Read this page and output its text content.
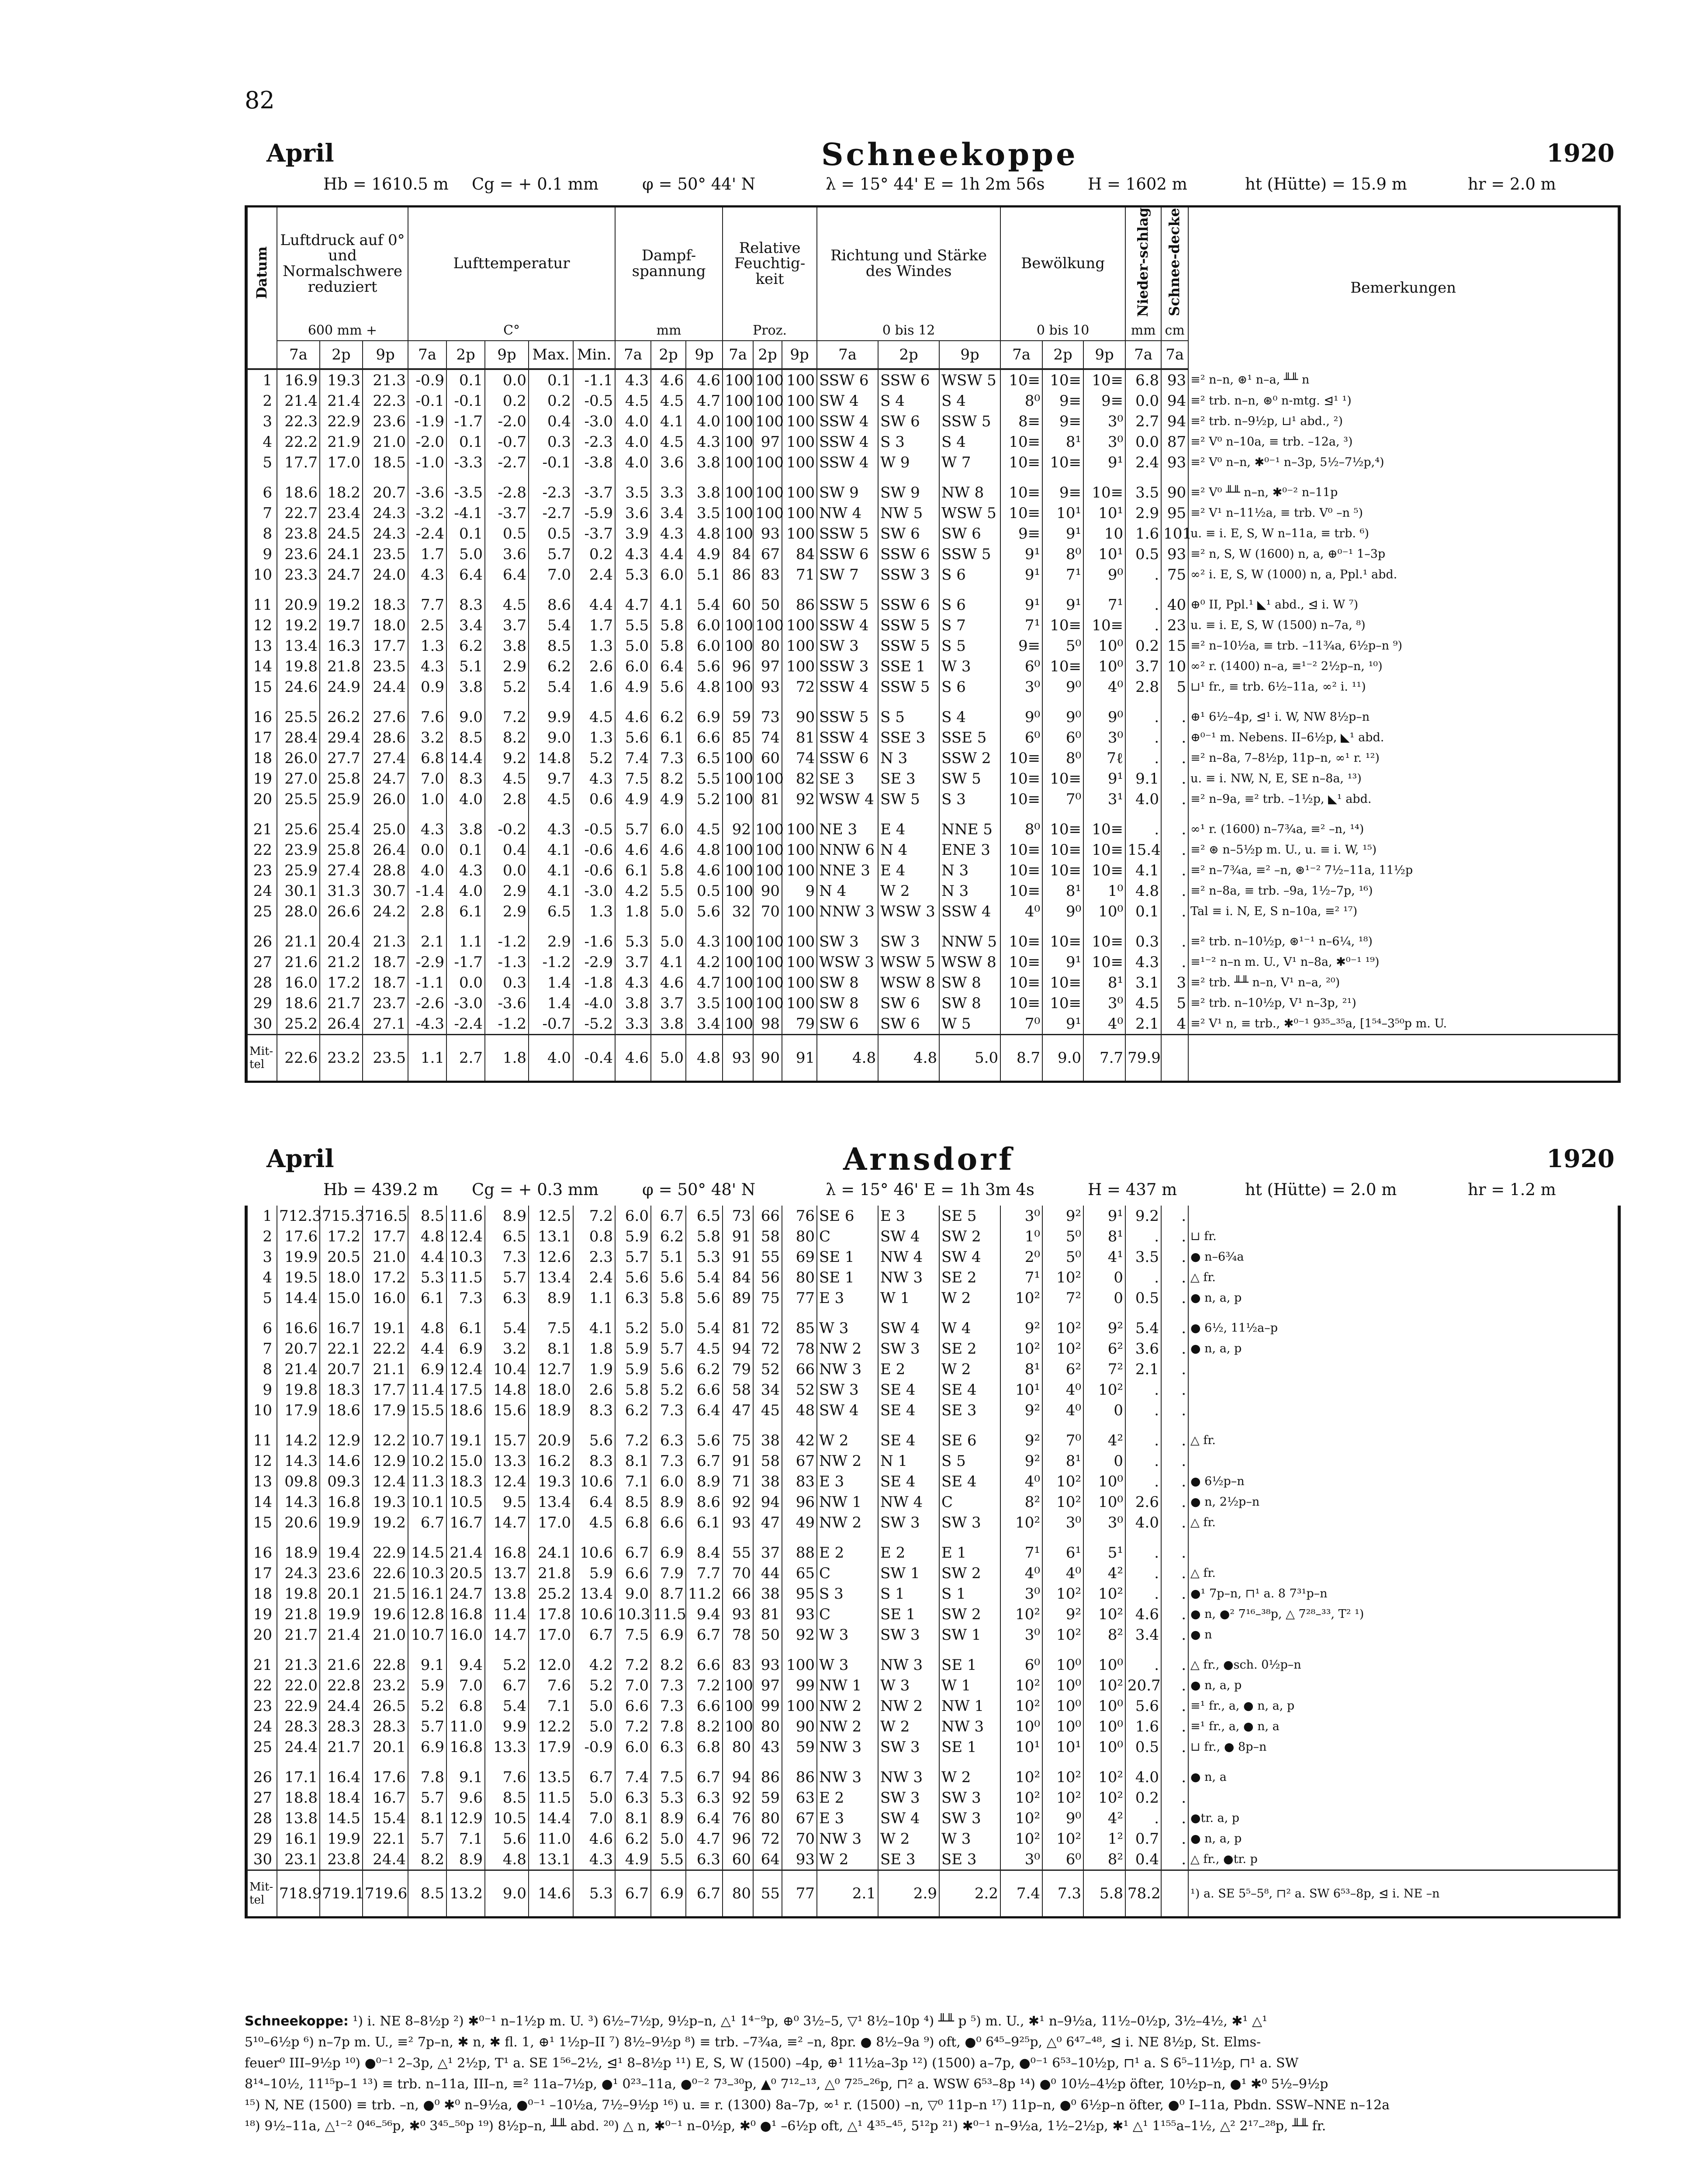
82
April	Schneekoppe	1920
Hb = 1610.5 m Cg = + 0.1 mm	φ = 50° 44' N	λ = 15° 44' E = 1h 2m 56s	H = 1602 m	ht (Hütte) = 15.9 m	hr = 2.0 m
Datum	Luftdruck auf 0° und Normalschwere reduziert			Lufttemperatur					Dampf-spannung			Relative Feuchtig-keit			Richtung und Stärke des Windes			Bewölkung			Nieder-schlag	Schnee-decke	Bemerkungen
	600 mm +			C°					mm			Proz.			0 bis 12			0 bis 10			mm	cm	
	7a	2p	9p	7a	2p	9p	Max.	Min.	7a	2p	9p	7a	2p	9p	7a	2p	9p	7a	2p	9p	7a	7a	
1	16.9	19.3	21.3	-0.9	0.1	0.0	0.1	-1.1	4.3	4.6	4.6	100	100	100	SSW 6	SSW 6	WSW 5	10≡	10≡	10≡	6.8	93	≡² n–n, ⊛¹ n–a, ╨╨ n
2	21.4	21.4	22.3	-0.1	-0.1	0.2	0.2	-0.5	4.5	4.5	4.7	100	100	100	SW 4	S 4	S 4	8⁰	9≡	9≡	0.0	94	≡² trb. n–n, ⊛⁰ n-mtg. ⊴¹ ¹)
3	22.3	22.9	23.6	-1.9	-1.7	-2.0	0.4	-3.0	4.0	4.1	4.0	100	100	100	SSW 4	SW 6	SSW 5	8≡	9≡	3⁰	2.7	94	≡² trb. n–9½p, ⊔¹ abd., ²)
4	22.2	21.9	21.0	-2.0	0.1	-0.7	0.3	-2.3	4.0	4.5	4.3	100	97	100	SSW 4	S 3	S 4	10≡	8¹	3⁰	0.0	87	≡² V⁰ n–10a, ≡ trb. –12a, ³)
5	17.7	17.0	18.5	-1.0	-3.3	-2.7	-0.1	-3.8	4.0	3.6	3.8	100	100	100	SSW 4	W 9	W 7	10≡	10≡	9¹	2.4	93	≡² V⁰ n–n, ✱⁰⁻¹ n–3p, 5½–7½p,⁴)

6	18.6	18.2	20.7	-3.6	-3.5	-2.8	-2.3	-3.7	3.5	3.3	3.8	100	100	100	SW 9	SW 9	NW 8	10≡	9≡	10≡	3.5	90	≡² V⁰ ╨╨ n–n, ✱⁰⁻² n–11p
7	22.7	23.4	24.3	-3.2	-4.1	-3.7	-2.7	-5.9	3.6	3.4	3.5	100	100	100	NW 4	NW 5	WSW 5	10≡	10¹	10¹	2.9	95	≡² V¹ n–11½a, ≡ trb. V⁰ –n ⁵)
8	23.8	24.5	24.3	-2.4	0.1	0.5	0.5	-3.7	3.9	4.3	4.8	100	93	100	SSW 5	SW 6	SW 6	9≡	9¹	10	1.6	101	u. ≡ i. E, S, W n–11a, ≡ trb. ⁶)
9	23.6	24.1	23.5	1.7	5.0	3.6	5.7	0.2	4.3	4.4	4.9	84	67	84	SSW 6	SSW 6	SSW 5	9¹	8⁰	10¹	0.5	93	≡² n, S, W (1600) n, a, ⊕⁰⁻¹ 1–3p
10	23.3	24.7	24.0	4.3	6.4	6.4	7.0	2.4	5.3	6.0	5.1	86	83	71	SW 7	SSW 3	S 6	9¹	7¹	9⁰	.	75	∞² i. E, S, W (1000) n, a, Ppl.¹ abd.

11	20.9	19.2	18.3	7.7	8.3	4.5	8.6	4.4	4.7	4.1	5.4	60	50	86	SSW 5	SSW 6	S 6	9¹	9¹	7¹	.	40	⊕⁰ II, Ppl.¹ ◣¹ abd., ⊴ i. W ⁷)
12	19.2	19.7	18.0	2.5	3.4	3.7	5.4	1.7	5.5	5.8	6.0	100	100	100	SSW 4	SSW 5	S 7	7¹	10≡	10≡	.	23	u. ≡ i. E, S, W (1500) n–7a, ⁸)
13	13.4	16.3	17.7	1.3	6.2	3.8	8.5	1.3	5.0	5.8	6.0	100	80	100	SW 3	SSW 5	S 5	9≡	5⁰	10⁰	0.2	15	≡² n–10½a, ≡ trb. –11¾a, 6½p–n ⁹)
14	19.8	21.8	23.5	4.3	5.1	2.9	6.2	2.6	6.0	6.4	5.6	96	97	100	SSW 3	SSE 1	W 3	6⁰	10≡	10⁰	3.7	10	∞² r. (1400) n–a, ≡¹⁻² 2½p–n, ¹⁰)
15	24.6	24.9	24.4	0.9	3.8	5.2	5.4	1.6	4.9	5.6	4.8	100	93	72	SSW 4	SSW 5	S 6	3⁰	9⁰	4⁰	2.8	5	⊔¹ fr., ≡ trb. 6½–11a, ∞² i. ¹¹)

16	25.5	26.2	27.6	7.6	9.0	7.2	9.9	4.5	4.6	6.2	6.9	59	73	90	SSW 5	S 5	S 4	9⁰	9⁰	9⁰	.	.	⊕¹ 6½–4p, ⊴¹ i. W, NW 8½p–n
17	28.4	29.4	28.6	3.2	8.5	8.2	9.0	1.3	5.6	6.1	6.6	85	74	81	SSW 4	SSE 3	SSE 5	6⁰	6⁰	3⁰	.	.	⊕⁰⁻¹ m. Nebens. II–6½p, ◣¹ abd.
18	26.0	27.7	27.4	6.8	14.4	9.2	14.8	5.2	7.4	7.3	6.5	100	60	74	SSW 6	N 3	SSW 2	10≡	8⁰	7ℓ	.	.	≡² n–8a, 7–8½p, 11p–n, ∞¹ r. ¹²)
19	27.0	25.8	24.7	7.0	8.3	4.5	9.7	4.3	7.5	8.2	5.5	100	100	82	SE 3	SE 3	SW 5	10≡	10≡	9¹	9.1	.	u. ≡ i. NW, N, E, SE n–8a, ¹³)
20	25.5	25.9	26.0	1.0	4.0	2.8	4.5	0.6	4.9	4.9	5.2	100	81	92	WSW 4	SW 5	S 3	10≡	7⁰	3¹	4.0	.	≡² n–9a, ≡² trb. –1½p, ◣¹ abd.

21	25.6	25.4	25.0	4.3	3.8	-0.2	4.3	-0.5	5.7	6.0	4.5	92	100	100	NE 3	E 4	NNE 5	8⁰	10≡	10≡	.	.	∞¹ r. (1600) n–7¾a, ≡² –n, ¹⁴)
22	23.9	25.8	26.4	0.0	0.1	0.4	4.1	-0.6	4.6	4.6	4.8	100	100	100	NNW 6	N 4	ENE 3	10≡	10≡	10≡	15.4	.	≡² ⊛ n–5½p m. U., u. ≡ i. W, ¹⁵)
23	25.9	27.4	28.8	4.0	4.3	0.0	4.1	-0.6	6.1	5.8	4.6	100	100	100	NNE 3	E 4	N 3	10≡	10≡	10≡	4.1	.	≡² n–7¾a, ≡² –n, ⊛¹⁻² 7½–11a, 11½p
24	30.1	31.3	30.7	-1.4	4.0	2.9	4.1	-3.0	4.2	5.5	0.5	100	90	9	N 4	W 2	N 3	10≡	8¹	1⁰	4.8	.	≡² n–8a, ≡ trb. –9a, 1½–7p, ¹⁶)
25	28.0	26.6	24.2	2.8	6.1	2.9	6.5	1.3	1.8	5.0	5.6	32	70	100	NNW 3	WSW 3	SSW 4	4⁰	9⁰	10⁰	0.1	.	Tal ≡ i. N, E, S n–10a, ≡² ¹⁷)

26	21.1	20.4	21.3	2.1	1.1	-1.2	2.9	-1.6	5.3	5.0	4.3	100	100	100	SW 3	SW 3	NNW 5	10≡	10≡	10≡	0.3	.	≡² trb. n–10½p, ⊛¹⁻¹ n–6¼, ¹⁸)
27	21.6	21.2	18.7	-2.9	-1.7	-1.3	-1.2	-2.9	3.7	4.1	4.2	100	100	100	WSW 3	WSW 5	WSW 8	10≡	9¹	10≡	4.3	.	≡¹⁻² n–n m. U., V¹ n–8a, ✱⁰⁻¹ ¹⁹)
28	16.0	17.2	18.7	-1.1	0.0	0.3	1.4	-1.8	4.3	4.6	4.7	100	100	100	SW 8	WSW 8	SW 8	10≡	10≡	8¹	3.1	3	≡² trb. ╨╨ n–n, V¹ n–a, ²⁰)
29	18.6	21.7	23.7	-2.6	-3.0	-3.6	1.4	-4.0	3.8	3.7	3.5	100	100	100	SW 8	SW 6	SW 8	10≡	10≡	3⁰	4.5	5	≡² trb. n–10½p, V¹ n–3p, ²¹)
30	25.2	26.4	27.1	-4.3	-2.4	-1.2	-0.7	-5.2	3.3	3.8	3.4	100	98	79	SW 6	SW 6	W 5	7⁰	9¹	4⁰	2.1	4	≡² V¹ n, ≡ trb., ✱⁰⁻¹ 9³⁵–³⁵a, [1⁵⁴–3⁵⁰p m. U.
Mit-tel	22.6	23.2	23.5	1.1	2.7	1.8	4.0	-0.4	4.6	5.0	4.8	93	90	91	4.8	4.8	5.0	8.7	9.0	7.7	79.9		
April	Arnsdorf	1920
Hb = 439.2 m Cg = + 0.3 mm	φ = 50° 48' N	λ = 15° 46' E = 1h 3m 4s	H = 437 m	ht (Hütte) = 2.0 m	hr = 1.2 m
1	712.3	715.3	716.5	8.5	11.6	8.9	12.5	7.2	6.0	6.7	6.5	73	66	76	SE 6	E 3	SE 5	3⁰	9²	9¹	9.2	.	
2	17.6	17.2	17.7	4.8	12.4	6.5	13.1	0.8	5.9	6.2	5.8	91	58	80	C	SW 4	SW 2	1⁰	5⁰	8¹	.	.	⊔ fr.
3	19.9	20.5	21.0	4.4	10.3	7.3	12.6	2.3	5.7	5.1	5.3	91	55	69	SE 1	NW 4	SW 4	2⁰	5⁰	4¹	3.5	.	● n–6¾a
4	19.5	18.0	17.2	5.3	11.5	5.7	13.4	2.4	5.6	5.6	5.4	84	56	80	SE 1	NW 3	SE 2	7¹	10²	0	.	.	△ fr.
5	14.4	15.0	16.0	6.1	7.3	6.3	8.9	1.1	6.3	5.8	5.6	89	75	77	E 3	W 1	W 2	10²	7²	0	0.5	.	● n, a, p

6	16.6	16.7	19.1	4.8	6.1	5.4	7.5	4.1	5.2	5.0	5.4	81	72	85	W 3	SW 4	W 4	9²	10²	9²	5.4	.	● 6½, 11½a–p
7	20.7	22.1	22.2	4.4	6.9	3.2	8.1	1.8	5.9	5.7	4.5	94	72	78	NW 2	SW 3	SE 2	10²	10²	6²	3.6	.	● n, a, p
8	21.4	20.7	21.1	6.9	12.4	10.4	12.7	1.9	5.9	5.6	6.2	79	52	66	NW 3	E 2	W 2	8¹	6²	7²	2.1	.	
9	19.8	18.3	17.7	11.4	17.5	14.8	18.0	2.6	5.8	5.2	6.6	58	34	52	SW 3	SE 4	SE 4	10¹	4⁰	10²	.	.	
10	17.9	18.6	17.9	15.5	18.6	15.6	18.9	8.3	6.2	7.3	6.4	47	45	48	SW 4	SE 4	SE 3	9²	4⁰	0	.	.	

11	14.2	12.9	12.2	10.7	19.1	15.7	20.9	5.6	7.2	6.3	5.6	75	38	42	W 2	SE 4	SE 6	9²	7⁰	4²	.	.	△ fr.
12	14.3	14.6	12.9	10.2	15.0	13.3	16.2	8.3	8.1	7.3	6.7	91	58	67	NW 2	N 1	S 5	9²	8¹	0	.	.	
13	09.8	09.3	12.4	11.3	18.3	12.4	19.3	10.6	7.1	6.0	8.9	71	38	83	E 3	SE 4	SE 4	4⁰	10²	10⁰	.	.	● 6½p–n
14	14.3	16.8	19.3	10.1	10.5	9.5	13.4	6.4	8.5	8.9	8.6	92	94	96	NW 1	NW 4	C	8²	10²	10⁰	2.6	.	● n, 2½p–n
15	20.6	19.9	19.2	6.7	16.7	14.7	17.0	4.5	6.8	6.6	6.1	93	47	49	NW 2	SW 3	SW 3	10²	3⁰	3⁰	4.0	.	△ fr.

16	18.9	19.4	22.9	14.5	21.4	16.8	24.1	10.6	6.7	6.9	8.4	55	37	88	E 2	E 2	E 1	7¹	6¹	5¹	.	.	
17	24.3	23.6	22.6	10.3	20.5	13.7	21.8	5.9	6.6	7.9	7.7	70	44	65	C	SW 1	SW 2	4⁰	4⁰	4²	.	.	△ fr.
18	19.8	20.1	21.5	16.1	24.7	13.8	25.2	13.4	9.0	8.7	11.2	66	38	95	S 3	S 1	S 1	3⁰	10²	10²	.	.	●¹ 7p–n, ⊓¹ a. 8 7³¹p–n
19	21.8	19.9	19.6	12.8	16.8	11.4	17.8	10.6	10.3	11.5	9.4	93	81	93	C	SE 1	SW 2	10²	9²	10²	4.6	.	● n, ●² 7¹⁶–³⁸p, △ 7²⁸–³³, T² ¹)
20	21.7	21.4	21.0	10.7	16.0	14.7	17.0	6.7	7.5	6.9	6.7	78	50	92	W 3	SW 3	SW 1	3⁰	10²	8²	3.4	.	● n

21	21.3	21.6	22.8	9.1	9.4	5.2	12.0	4.2	7.2	8.2	6.6	83	93	100	W 3	NW 3	SE 1	6⁰	10⁰	10⁰	.	.	△ fr., ●sch. 0½p–n
22	22.0	22.8	23.2	5.9	7.0	6.7	7.6	5.2	7.0	7.3	7.2	100	97	99	NW 1	W 3	W 1	10²	10⁰	10²	20.7	.	● n, a, p
23	22.9	24.4	26.5	5.2	6.8	5.4	7.1	5.0	6.6	7.3	6.6	100	99	100	NW 2	NW 2	NW 1	10²	10⁰	10⁰	5.6	.	≡¹ fr., a, ● n, a, p
24	28.3	28.3	28.3	5.7	11.0	9.9	12.2	5.0	7.2	7.8	8.2	100	80	90	NW 2	W 2	NW 3	10⁰	10⁰	10⁰	1.6	.	≡¹ fr., a, ● n, a
25	24.4	21.7	20.1	6.9	16.8	13.3	17.9	-0.9	6.0	6.3	6.8	80	43	59	NW 3	SW 3	SE 1	10¹	10¹	10⁰	0.5	.	⊔ fr., ● 8p–n

26	17.1	16.4	17.6	7.8	9.1	7.6	13.5	6.7	7.4	7.5	6.7	94	86	86	NW 3	NW 3	W 2	10²	10²	10²	4.0	.	● n, a
27	18.8	18.4	16.7	5.7	9.6	8.5	11.5	5.0	6.3	5.3	6.3	92	59	63	E 2	SW 3	SW 3	10²	10²	10²	0.2	.	
28	13.8	14.5	15.4	8.1	12.9	10.5	14.4	7.0	8.1	8.9	6.4	76	80	67	E 3	SW 4	SW 3	10²	9⁰	4²	.	.	●tr. a, p
29	16.1	19.9	22.1	5.7	7.1	5.6	11.0	4.6	6.2	5.0	4.7	96	72	70	NW 3	W 2	W 3	10²	10²	1²	0.7	.	● n, a, p
30	23.1	23.8	24.4	8.2	8.9	4.8	13.1	4.3	4.9	5.5	6.3	60	64	93	W 2	SE 3	SE 3	3⁰	6⁰	8²	0.4	.	△ fr., ●tr. p
Mit-tel	718.9	719.1	719.6	8.5	13.2	9.0	14.6	5.3	6.7	6.9	6.7	80	55	77	2.1	2.9	2.2	7.4	7.3	5.8	78.2		¹) a. SE 5⁵–5⁸, ⊓² a. SW 6⁵³–8p, ⊴ i. NE –n
Schneekoppe: ¹) i. NE 8–8½p ²) ✱⁰⁻¹ n–1½p m. U. ³) 6½–7½p, 9½p–n, △¹ 1⁴⁻⁹p, ⊕⁰ 3½–5, ▽¹ 8½–10p ⁴) ╨╨ p ⁵) m. U., ✱¹ n–9½a, 11½–0½p, 3½–4½, ✱¹ △¹
5¹⁰–6½p ⁶) n–7p m. U., ≡² 7p–n, ✱ n, ✱ fl. 1, ⊕¹ 1½p–II ⁷) 8½–9½p ⁸) ≡ trb. –7¾a, ≡² –n, 8pr. ● 8½–9a ⁹) oft, ●⁰ 6⁴⁵–9²⁵p, △⁰ 6⁴⁷–⁴⁸, ⊴ i. NE 8½p, St. Elms-
feuer⁰ III–9½p ¹⁰) ●⁰⁻¹ 2–3p, △¹ 2½p, T¹ a. SE 1⁵⁶–2½, ⊴¹ 8–8½p ¹¹) E, S, W (1500) –4p, ⊕¹ 11½a–3p ¹²) (1500) a–7p, ●⁰⁻¹ 6⁵³–10½p, ⊓¹ a. S 6⁵–11½p, ⊓¹ a. SW
8¹⁴–10½, 11¹⁵p–1 ¹³) ≡ trb. n–11a, III–n, ≡² 11a–7½p, ●¹ 0²³–11a, ●⁰⁻² 7³–³⁰p, ▲⁰ 7¹²–¹³, △⁰ 7²⁵–²⁶p, ⊓² a. WSW 6⁵³–8p ¹⁴) ●⁰ 10½–4½p öfter, 10½p–n, ●¹ ✱⁰ 5½–9½p
¹⁵) N, NE (1500) ≡ trb. –n, ●⁰ ✱⁰ n–9½a, ●⁰⁻¹ –10½a, 7½–9½p ¹⁶) u. ≡ r. (1300) 8a–7p, ∞¹ r. (1500) –n, ▽⁰ 11p–n ¹⁷) 11p–n, ●⁰ 6½p–n öfter, ●⁰ I–11a, Pbdn. SSW–NNE n–12a
¹⁸) 9½–11a, △¹⁻² 0⁴⁶–⁵⁶p, ✱⁰ 3⁴⁵–⁵⁰p ¹⁹) 8½p–n, ╨╨ abd. ²⁰) △ n, ✱⁰⁻¹ n–0½p, ✱⁰ ●¹ –6½p oft, △¹ 4³⁵–⁴⁵, 5¹²p ²¹) ✱⁰⁻¹ n–9½a, 1½–2½p, ✱¹ △¹ 1¹⁵⁵a–1½, △² 2¹⁷–²⁸p, ╨╨ fr.
